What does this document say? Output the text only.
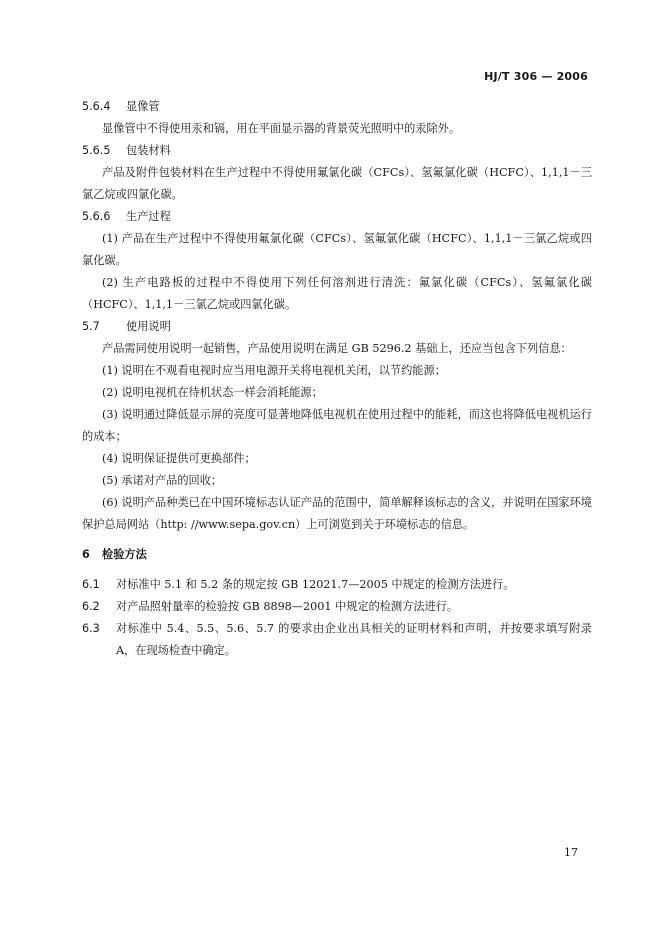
HJ/T 306 — 2006
5.6.4	显像管

显像管中不得使用汞和镉，用在平面显示器的背景荧光照明中的汞除外。

5.6.5	包装材料

产品及附件包装材料在生产过程中不得使用氟氯化碳（CFCs）、氢氟氯化碳（HCFC）、1,1,1－三氯乙烷或四氯化碳。

5.6.6	生产过程

(1) 产品在生产过程中不得使用氟氯化碳（CFCs）、氢氟氯化碳（HCFC）、1,1,1－三氯乙烷或四氯化碳。

(2) 生产电路板的过程中不得使用下列任何溶剂进行清洗：氟氯化碳（CFCs）、氢氟氯化碳（HCFC）、1,1,1－三氯乙烷或四氯化碳。

5.7	使用说明

产品需同使用说明一起销售，产品使用说明在满足 GB 5296.2 基础上，还应当包含下列信息：

(1) 说明在不观看电视时应当用电源开关将电视机关闭，以节约能源；

(2) 说明电视机在待机状态一样会消耗能源；

(3) 说明通过降低显示屏的亮度可显著地降低电视机在使用过程中的能耗，而这也将降低电视机运行的成本；

(4) 说明保证提供可更换部件；

(5) 承诺对产品的回收；

(6) 说明产品种类已在中国环境标志认证产品的范围中，简单解释该标志的含义，并说明在国家环境保护总局网站（http: //www.sepa.gov.cn）上可浏览到关于环境标志的信息。

6	检验方法
6.1	对标准中 5.1 和 5.2 条的规定按 GB 12021.7—2005 中规定的检测方法进行。
6.2	对产品照射量率的检验按 GB 8898—2001 中规定的检测方法进行。
6.3	对标准中 5.4、5.5、5.6、5.7 的要求由企业出具相关的证明材料和声明，并按要求填写附录 A，在现场检查中确定。
17
